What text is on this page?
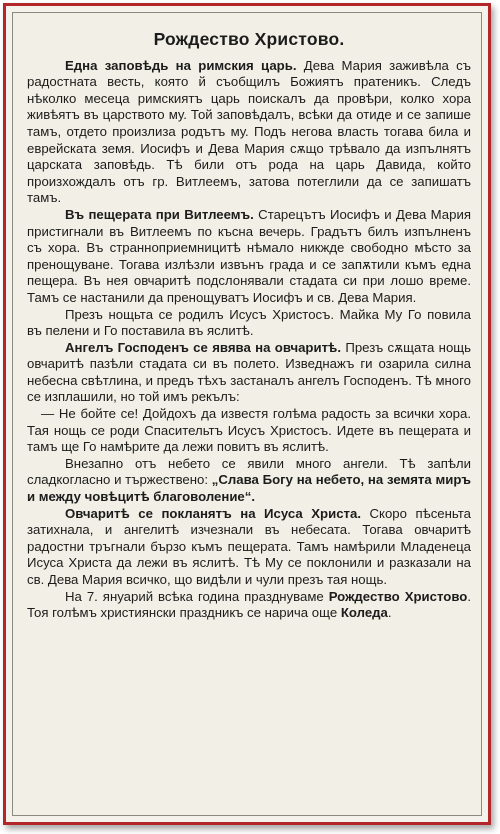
Рождество Христово.

Една заповѣдь на римския царь. Дева Мария заживѣла съ радостната весть, която й съобщилъ Божиятъ пратеникъ. Следъ нѣколко месеца римскиятъ царь поискалъ да провѣри, колко хора живѣятъ въ царството му. Той заповѣдалъ, всѣки да отиде и се запише тамъ, отдето произлиза родътъ му. Подъ негова власть тогава била и еврейската земя. Иосифъ и Дева Мария сѫщо трѣвало да изпълнятъ царската заповѣдь. Тѣ били отъ рода на царь Давида, който произхождалъ отъ гр. Витлеемъ, затова потеглили да се запишатъ тамъ.

Въ пещерата при Витлеемъ. Старецътъ Иосифъ и Дева Мария пристигнали въ Витлеемъ по късна вечерь. Градътъ билъ изпълненъ съ хора. Въ странноприемницитѣ нѣмало никжде свободно мѣсто за пренощуване. Тогава излѣзли извънъ града и се запѫтили къмъ една пещера. Въ нея овчаритѣ подслонявали стадата си при лошо време. Тамъ се настанили да пренощуватъ Иосифъ и св. Дева Мария.

Презъ нощьта се родилъ Исусъ Христосъ. Майка Му Го повила въ пелени и Го поставила въ яслитѣ.

Ангелъ Господенъ се явява на овчаритѣ. Презъ сѫщата нощь овчаритѣ пазѣли стадата си въ полето. Изведнажъ ги озарила силна небесна свѣтлина, и предъ тѣхъ застаналъ ангелъ Господенъ. Тѣ много се изплашили, но той имъ рекълъ:

— Не бойте се! Дойдохъ да известя голѣма радость за всички хора. Тая нощь се роди Спасительтъ Исусъ Христосъ. Идете въ пещерата и тамъ ще Го намѣрите да лежи повитъ въ яслитѣ.

Внезапно отъ небето се явили много ангели. Тѣ запѣли сладкогласно и тържествено: „Слава Богу на небето, на земята миръ и между човѣцитѣ благоволение“.

Овчаритѣ се покланятъ на Исуса Христа. Скоро пѣсеньта затихнала, и ангелитѣ изчезнали въ небесата. Тогава овчаритѣ радостни тръгнали бързо къмъ пещерата. Тамъ намѣрили Младенеца Исуса Христа да лежи въ яслитѣ. Тѣ Му се поклонили и разказали на св. Дева Мария всичко, що видѣли и чули презъ тая нощь.

На 7. януарий всѣка година празднуваме Рождество Христово. Тоя голѣмъ християнски праздникъ се нарича още Коледа.
